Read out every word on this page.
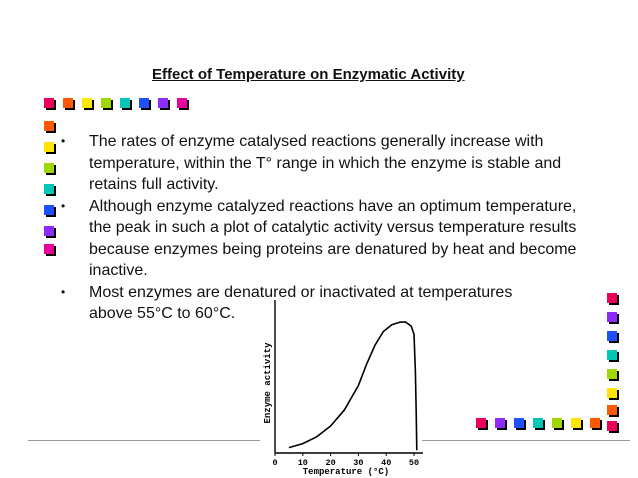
Effect of Temperature on Enzymatic Activity

• The rates of enzyme catalysed reactions generally increase with temperature, within the T° range in which the enzyme is stable and retains full activity.

• Although enzyme catalyzed reactions have an optimum temperature, the peak in such a plot of catalytic activity versus temperature results because enzymes being proteins are denatured by heat and become inactive.

• Most enzymes are denatured or inactivated at temperatures above 55°C to 60°C.

0 10 20 30 40 50
Temperature (°C)
Enzyme activity
